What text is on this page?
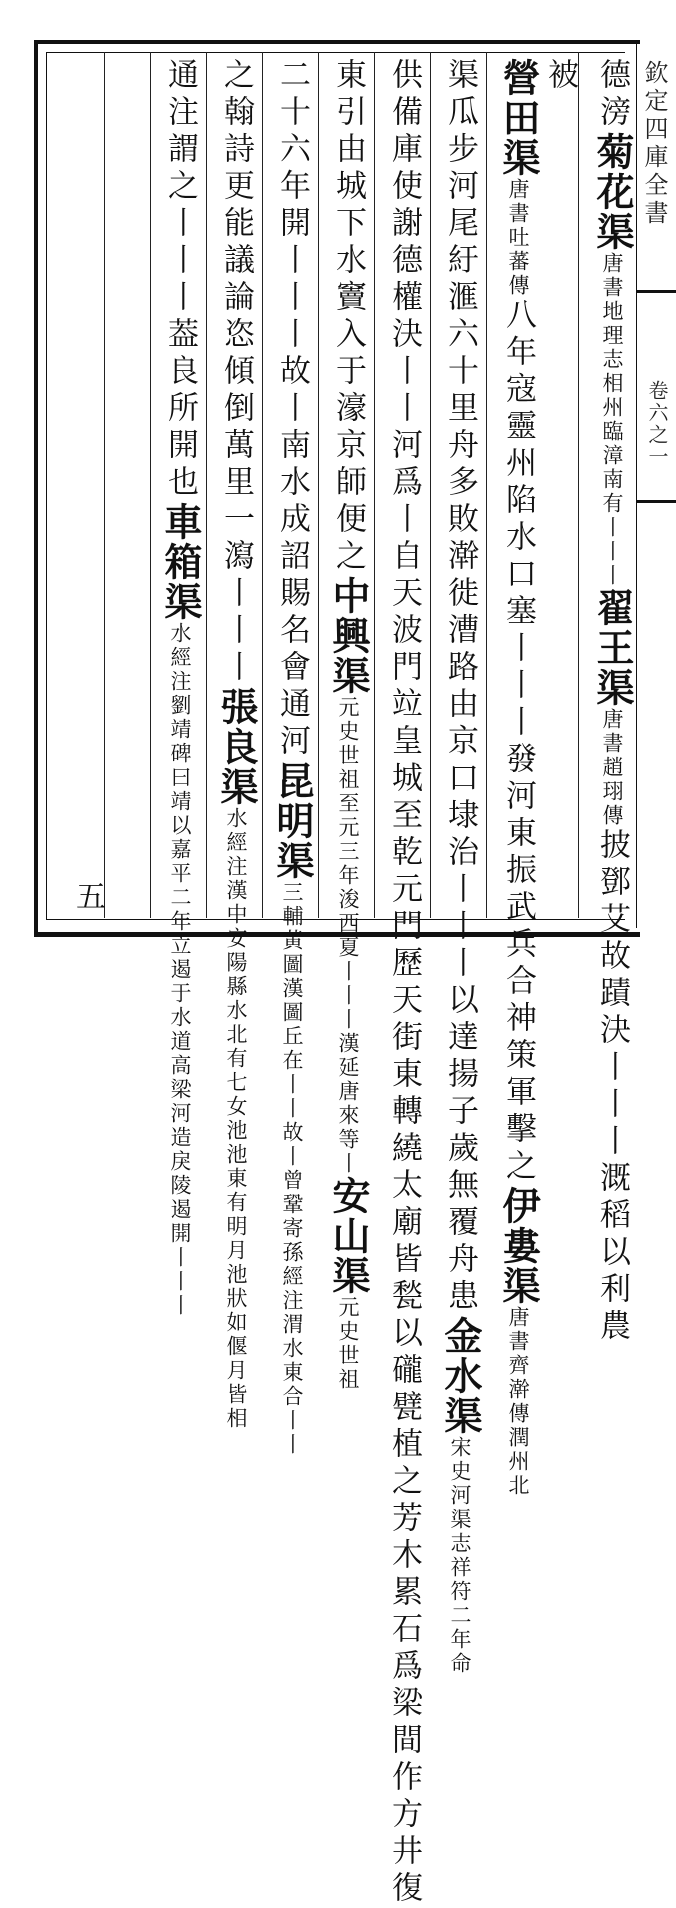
德滂菊花渠唐書地理志相州臨漳南有丨丨丨翟王渠唐書趙珝傳披鄧艾故蹟決丨丨丨溉稻以利農
被
營田渠唐書吐蕃傳八年寇靈州陷水口塞丨丨丨發河東振武兵合神策軍擊之伊婁渠唐書齊澣傳潤州北
渠瓜步河尾紆滙六十里舟多敗澣徙漕路由京口埭治丨丨丨以達揚子歲無覆舟患金水渠宋史河渠志祥符二年命
供備庫使謝德權決丨丨河爲丨自天波門竝皇城至乾元門歷天街東轉繞太廟皆甃以礲甓植之芳木累石爲梁間作方井復
東引由城下水竇入于濠京師便之中興渠元史世祖至元三年浚西夏丨丨丨漢延唐來等丨安山渠元史世祖
二十六年開丨丨丨故丨南水成詔賜名會通河昆明渠三輔黃圖漢圖丘在丨丨故丨曾鞏寄孫經注渭水東合丨丨
之翰詩更能議論恣傾倒萬里一瀉丨丨丨張良渠水經注漢中安陽縣水北有七女池池東有明月池狀如偃月皆相
通注謂之丨丨丨葢良所開也車箱渠水經注劉靖碑曰靖以嘉平二年立遏于水道高梁河造戾陵遏開丨丨丨
五
欽定四庫全書
卷六之一
